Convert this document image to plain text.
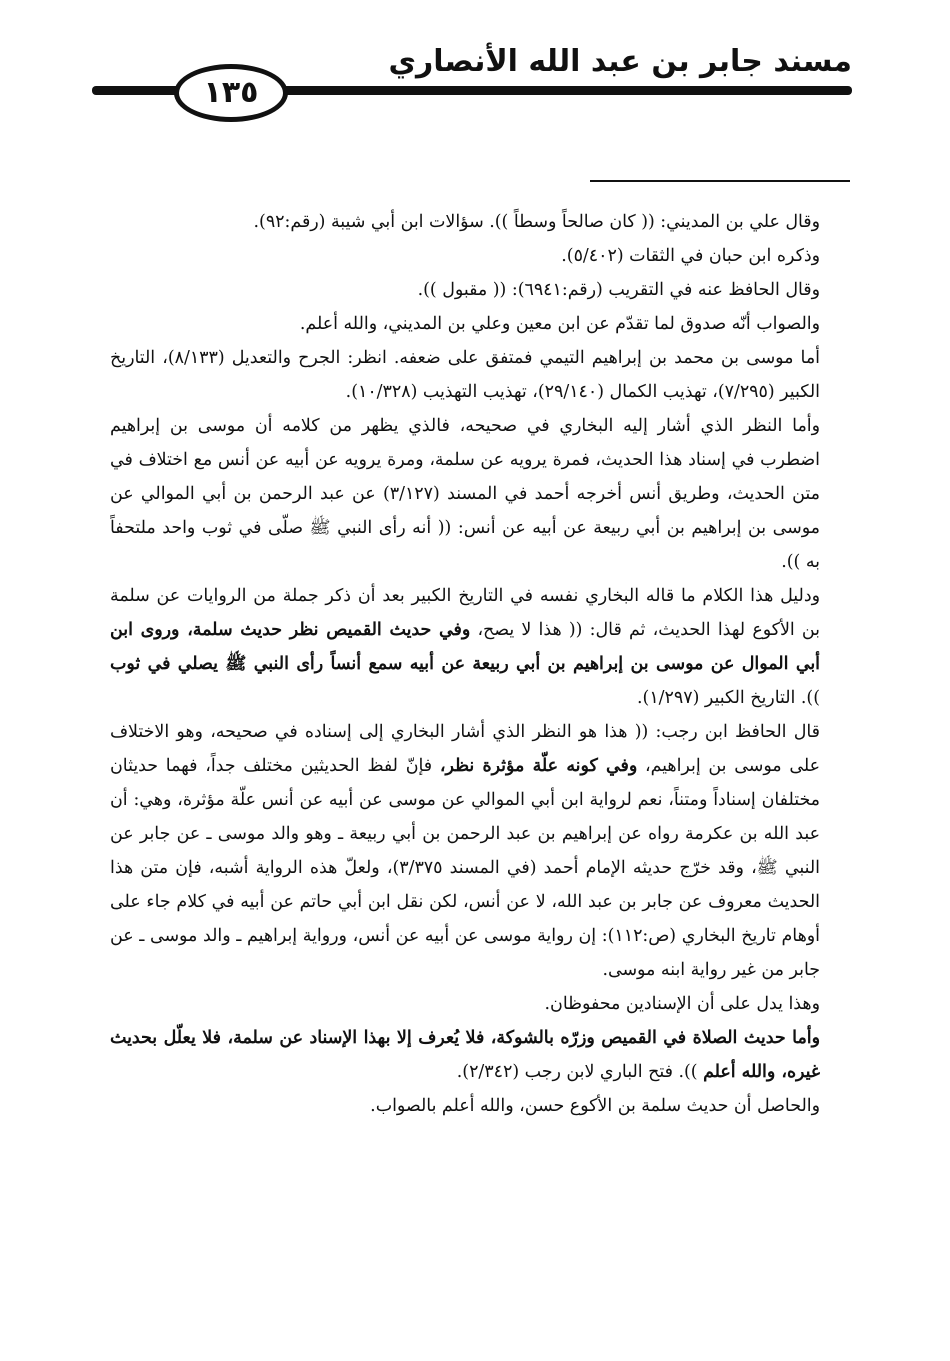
مسند جابر بن عبد الله الأنصاري
١٣٥

وقال علي بن المديني: (( كان صالحاً وسطاً )). سؤالات ابن أبي شيبة (رقم:٩٢).

وذكره ابن حبان في الثقات (٥/٤٠٢).

وقال الحافظ عنه في التقريب (رقم:٦٩٤١): (( مقبول )).

والصواب أنّه صدوق لما تقدّم عن ابن معين وعلي بن المديني، والله أعلم.

أما موسى بن محمد بن إبراهيم التيمي فمتفق على ضعفه. انظر: الجرح والتعديل (٨/١٣٣)، التاريخ الكبير (٧/٢٩٥)، تهذيب الكمال (٢٩/١٤٠)، تهذيب التهذيب (١٠/٣٢٨).

وأما النظر الذي أشار إليه البخاري في صحيحه، فالذي يظهر من كلامه أن موسى بن إبراهيم اضطرب في إسناد هذا الحديث، فمرة يرويه عن سلمة، ومرة يرويه عن أبيه عن أنس مع اختلاف في متن الحديث، وطريق أنس أخرجه أحمد في المسند (٣/١٢٧) عن عبد الرحمن بن أبي الموالي عن موسى بن إبراهيم بن أبي ربيعة عن أبيه عن أنس: (( أنه رأى النبي ﷺ صلّى في ثوب واحد ملتحفاً به )).

ودليل هذا الكلام ما قاله البخاري نفسه في التاريخ الكبير بعد أن ذكر جملة من الروايات عن سلمة بن الأكوع لهذا الحديث، ثم قال: (( هذا لا يصح، وفي حديث القميص نظر حديث سلمة، وروى ابن أبي الموال عن موسى بن إبراهيم بن أبي ربيعة عن أبيه سمع أنساً رأى النبي ﷺ يصلي في ثوب )). التاريخ الكبير (١/٢٩٧).

قال الحافظ ابن رجب: (( هذا هو النظر الذي أشار البخاري إلى إسناده في صحيحه، وهو الاختلاف على موسى بن إبراهيم، وفي كونه علّة مؤثرة نظر، فإنّ لفظ الحديثين مختلف جداً، فهما حديثان مختلفان إسناداً ومتناً، نعم لرواية ابن أبي الموالي عن موسى عن أبيه عن أنس علّة مؤثرة، وهي: أن عبد الله بن عكرمة رواه عن إبراهيم بن عبد الرحمن بن أبي ربيعة ـ وهو والد موسى ـ عن جابر عن النبي ﷺ، وقد خرّج حديثه الإمام أحمد (في المسند ٣/٣٧٥)، ولعلّ هذه الرواية أشبه، فإن متن هذا الحديث معروف عن جابر بن عبد الله، لا عن أنس، لكن نقل ابن أبي حاتم عن أبيه في كلام جاء على أوهام تاريخ البخاري (ص:١١٢): إن رواية موسى عن أبيه عن أنس، ورواية إبراهيم ـ والد موسى ـ عن جابر من غير رواية ابنه موسى.

وهذا يدل على أن الإسنادين محفوظان.

وأما حديث الصلاة في القميص وزرّه بالشوكة، فلا يُعرف إلا بهذا الإسناد عن سلمة، فلا يعلّل بحديث غيره، والله أعلم )). فتح الباري لابن رجب (٢/٣٤٢).

والحاصل أن حديث سلمة بن الأكوع حسن، والله أعلم بالصواب.
